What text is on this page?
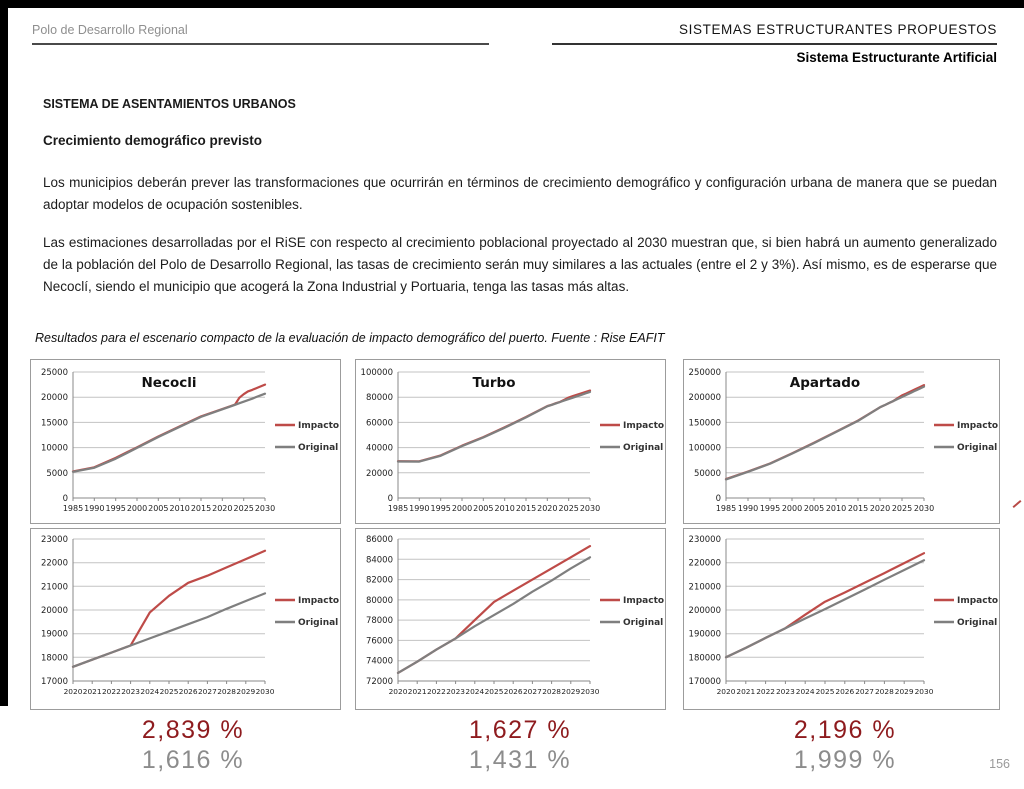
Polo de Desarrollo Regional	SISTEMAS ESTRUCTURANTES PROPUESTOS
Sistema Estructurante Artificial
SISTEMA DE ASENTAMIENTOS URBANOS
Crecimiento demográfico previsto

Los municipios deberán prever las transformaciones que ocurrirán en términos de crecimiento demográfico y configuración urbana de manera que se puedan adoptar modelos de ocupación sostenibles.

Las estimaciones desarrolladas por el RiSE con respecto al crecimiento poblacional proyectado al 2030 muestran que, si bien habrá un aumento generalizado de la población del Polo de Desarrollo Regional, las tasas de crecimiento serán muy similares a las actuales (entre el 2 y 3%). Así mismo, es de esperarse que Necoclí, siendo el municipio que acogerá la Zona Industrial y Portuaria, tenga las tasas más altas.

Resultados para el escenario compacto de la evaluación de impacto demográfico del puerto. Fuente : Rise EAFIT
0
5000
10000
15000
20000
25000
1985 1990 1995 2000 2005 2010 2015 2020 2025 2030
Necocli
Impacto
Original
0
20000
40000
60000
80000
100000
1985 1990 1995 2000 2005 2010 2015 2020 2025 2030
Turbo
Impacto
Original
0
50000
100000
150000
200000
250000
1985 1990 1995 2000 2005 2010 2015 2020 2025 2030
Apartado
Impacto
Original
17000
18000
19000
20000
21000
22000
23000
2020 2021 2022 2023 2024 2025 2026 2027 2028 2029 2030
Impacto
Original
72000
74000
76000
78000
80000
82000
84000
86000
2020 2021 2022 2023 2024 2025 2026 2027 2028 2029 2030
Impacto
Original
170000
180000
190000
200000
210000
220000
230000
2020 2021 2022 2023 2024 2025 2026 2027 2028 2029 2030
Impacto
Original
2,839 %
1,616 %
1,627 %
1,431 %
2,196 %
1,999 %	156
